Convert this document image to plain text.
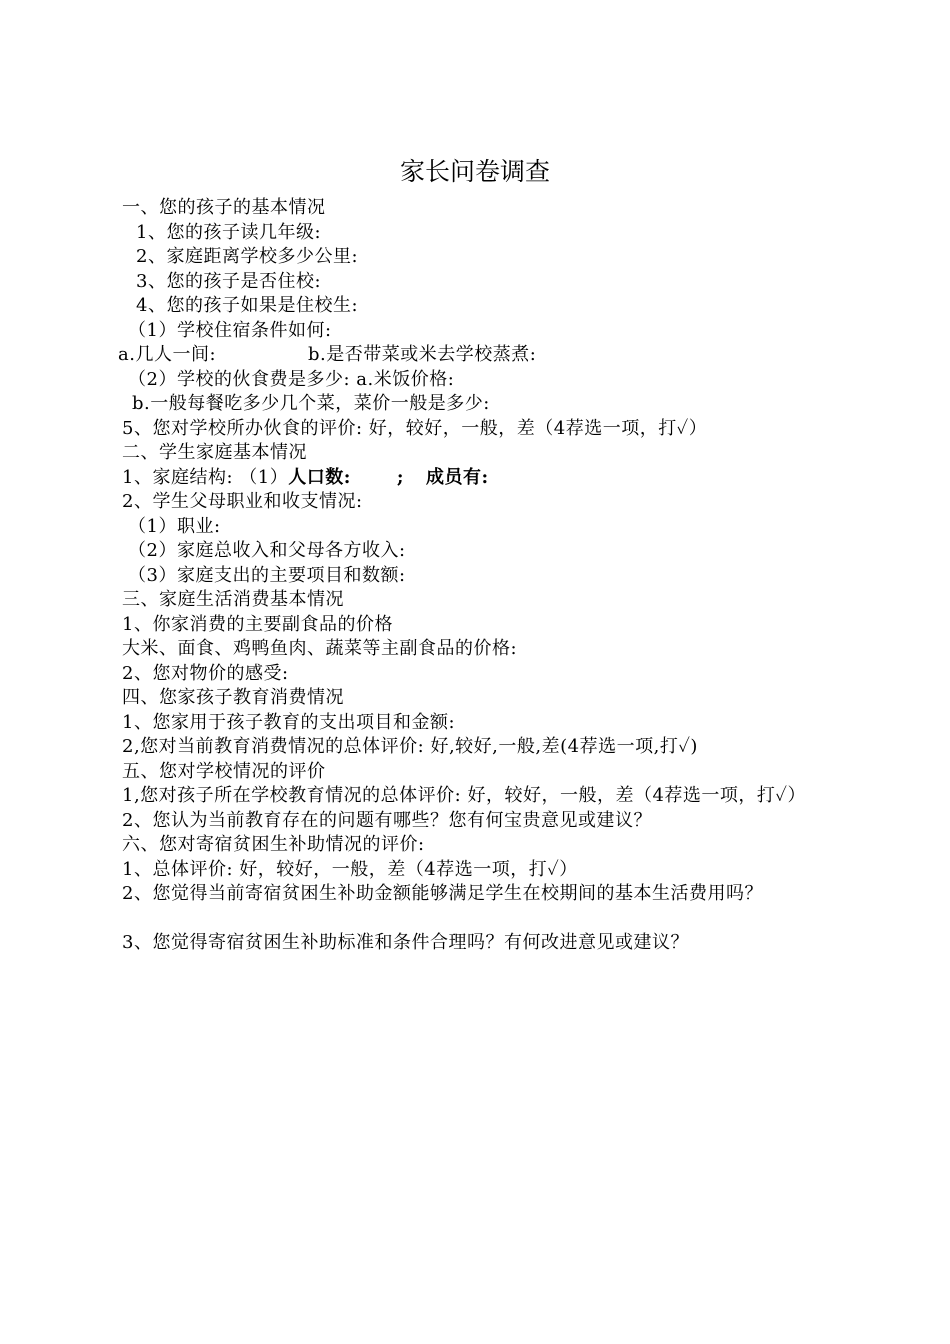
家长问卷调查
一、您的孩子的基本情况
1、您的孩子读几年级:
2、家庭距离学校多少公里:
3、您的孩子是否住校:
4、您的孩子如果是住校生:
（1）学校住宿条件如何:
a.几人一间:	b.是否带菜或米去学校蒸煮:
（2）学校的伙食费是多少: a.米饭价格:
b.一般每餐吃多少几个菜，菜价一般是多少:
5、您对学校所办伙食的评价: 好，较好，一般，差（4荐选一项，打✓）
二、学生家庭基本情况
1、家庭结构: （1）人口数:	; 成员有:
2、学生父母职业和收支情况:
（1）职业:
（2）家庭总收入和父母各方收入:
（3）家庭支出的主要项目和数额:
三、家庭生活消费基本情况
1、你家消费的主要副食品的价格
大米、面食、鸡鸭鱼肉、蔬菜等主副食品的价格:
2、您对物价的感受:
四、您家孩子教育消费情况
1、您家用于孩子教育的支出项目和金额:
2,您对当前教育消费情况的总体评价: 好,较好,一般,差(4荐选一项,打✓)
五、您对学校情况的评价
1,您对孩子所在学校教育情况的总体评价: 好，较好，一般，差（4荐选一项，打✓）
2、您认为当前教育存在的问题有哪些？您有何宝贵意见或建议？
六、您对寄宿贫困生补助情况的评价:
1、总体评价: 好，较好，一般，差（4荐选一项，打✓）
2、您觉得当前寄宿贫困生补助金额能够满足学生在校期间的基本生活费用吗？
3、您觉得寄宿贫困生补助标准和条件合理吗？有何改进意见或建议？
